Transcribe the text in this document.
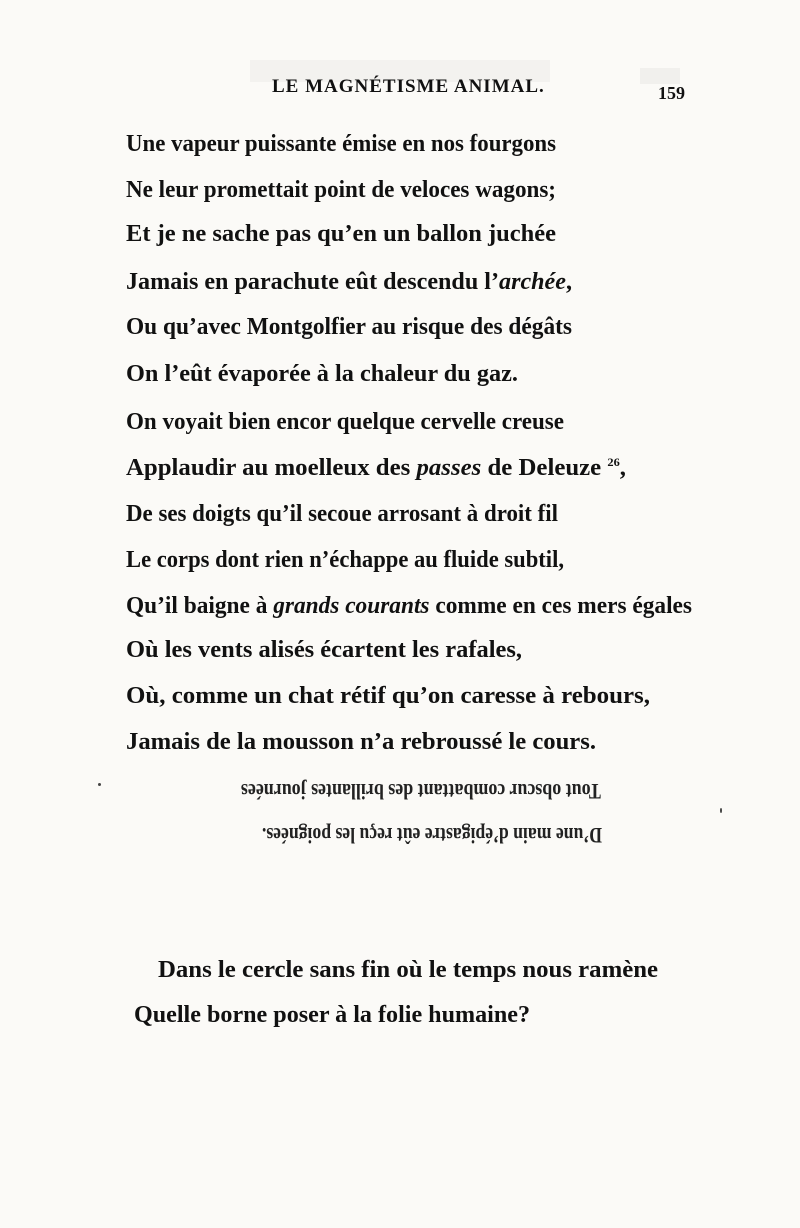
LE MAGNÉTISME ANIMAL.	159
Une vapeur puissante émise en nos fourgons
Ne leur promettait point de veloces wagons;
Et je ne sache pas qu’en un ballon juchée
Jamais en parachute eût descendu l’archée,
Ou qu’avec Montgolfier au risque des dégâts
On l’eût évaporée à la chaleur du gaz.
On voyait bien encor quelque cervelle creuse
Applaudir au moelleux des passes de Deleuze $^{26}$,
De ses doigts qu’il secoue arrosant à droit fil
Le corps dont rien n’échappe au fluide subtil,
Qu’il baigne à grands courants comme en ces mers égales
Où les vents alisés écartent les rafales,
Où, comme un chat rétif qu’on caresse à rebours,
Jamais de la mousson n’a rebroussé le cours.
Tout obscur combattant des brillantes journées
D’une main d’épigastre eût reçu les poignées.
Dans le cercle sans fin où le temps nous ramène
Quelle borne poser à la folie humaine?
